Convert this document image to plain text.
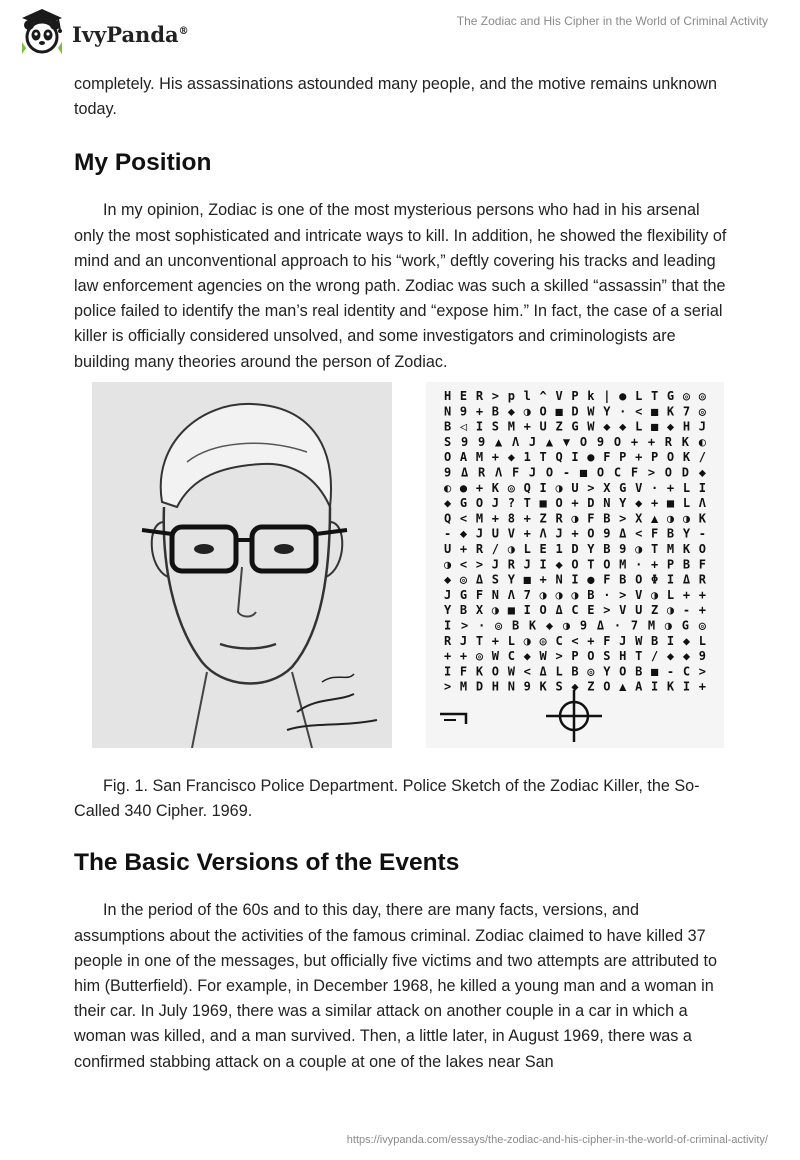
IvyPanda®
The Zodiac and His Cipher in the World of Criminal Activity

completely. His assassinations astounded many people, and the motive remains unknown today.

My Position

In my opinion, Zodiac is one of the most mysterious persons who had in his arsenal only the most sophisticated and intricate ways to kill. In addition, he showed the flexibility of mind and an unconventional approach to his “work,” deftly covering his tracks and leading law enforcement agencies on the wrong path. Zodiac was such a skilled “assassin” that the police failed to identify the man’s real identity and “expose him.” In fact, the case of a serial killer is officially considered unsolved, and some investigators and criminologists are building many theories around the person of Zodiac.

HER>pl^VPk|●LTG◎◎
N9+B◆◑O■DWY·<■K7◎
B◁ISM+UZGW◆◆L■◆HJ
S99▲ΛJ▲▼O9O++RK◐
OAM+◆1TQI●FP+POK/
9ΔRΛFJO-■OCF>OD◆
◐●+K◎QI◑U>XGV·+LI
◆GOJ?T■O+DNY◆+■LΛ
Q<M+8+ZR◑FB>X▲◑◑K
-◆JUV+ΛJ+O9Δ<FBY-
U+R/◑LE1DYB9◑TMKO
◑<>JRJI◆OTOM·+PBF
◆◎ΔSY■+NI●FBOΦIΔR
JGFNΛ7◑◑◑B·>V◑L++
YBX◑■IOΔCE>VUZ◑-+
I>·◎BK◆◑9Δ·7M◑G◎
RJT+L◑◎C<+FJWBI◆L
++◎WC◆W>POSHT/◆◆9
IFKOW<ΔLB◎YOB■-C>
>MDHN9KS◆ZO▲AIKI+

Fig. 1. San Francisco Police Department. Police Sketch of the Zodiac Killer, the So-Called 340 Cipher. 1969.

The Basic Versions of the Events

In the period of the 60s and to this day, there are many facts, versions, and assumptions about the activities of the famous criminal. Zodiac claimed to have killed 37 people in one of the messages, but officially five victims and two attempts are attributed to him (Butterfield). For example, in December 1968, he killed a young man and a woman in their car. In July 1969, there was a similar attack on another couple in a car in which a woman was killed, and a man survived. Then, a little later, in August 1969, there was a confirmed stabbing attack on a couple at one of the lakes near San

https://ivypanda.com/essays/the-zodiac-and-his-cipher-in-the-world-of-criminal-activity/
